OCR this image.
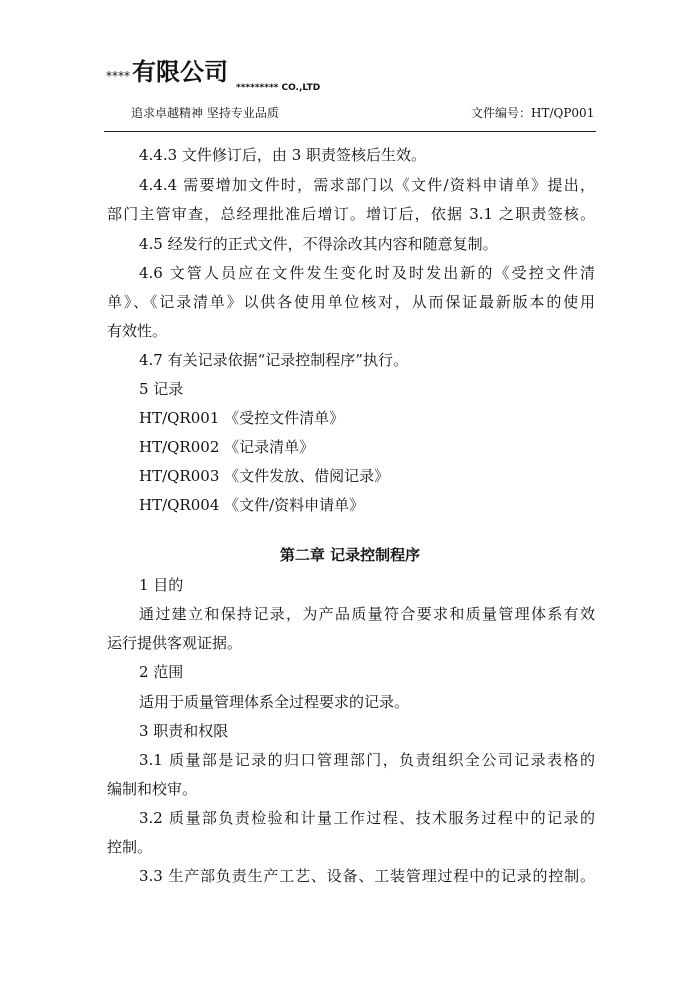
**** 有限公司
********* CO.,LTD
追求卓越精神 坚持专业品质	文件编号：HT/QP001
4.4.3 文件修订后，由 3 职责签核后生效。
4.4.4 需要增加文件时，需求部门以《文件/资料申请单》提出，
部门主管审查，总经理批准后增订。增订后，依据 3.1 之职责签核。
4.5 经发行的正式文件，不得涂改其内容和随意复制。
4.6 文管人员应在文件发生变化时及时发出新的《受控文件清
单》、《记录清单》以供各使用单位核对，从而保证最新版本的使用
有效性。
4.7 有关记录依据“记录控制程序”执行。
5 记录
HT/QR001 《受控文件清单》
HT/QR002 《记录清单》
HT/QR003 《文件发放、借阅记录》
HT/QR004 《文件/资料申请单》
第二章 记录控制程序
1 目的
通过建立和保持记录，为产品质量符合要求和质量管理体系有效
运行提供客观证据。
2 范围
适用于质量管理体系全过程要求的记录。
3 职责和权限
3.1 质量部是记录的归口管理部门，负责组织全公司记录表格的
编制和校审。
3.2 质量部负责检验和计量工作过程、技术服务过程中的记录的
控制。
3.3 生产部负责生产工艺、设备、工装管理过程中的记录的控制。
